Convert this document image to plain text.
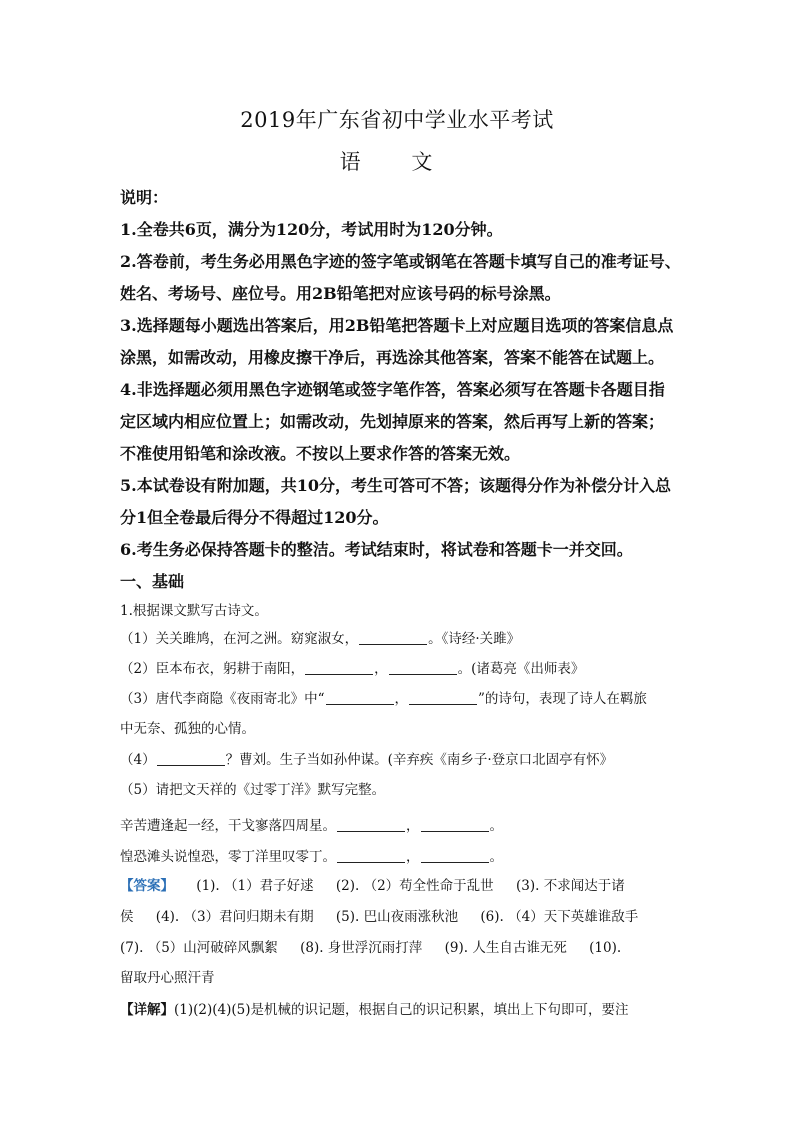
2019年广东省初中学业水平考试
语 文
说明：
1.全卷共6页，满分为120分，考试用时为120分钟。
2.答卷前，考生务必用黑色字迹的签字笔或钢笔在答题卡填写自己的准考证号、
姓名、考场号、座位号。用2B铅笔把对应该号码的标号涂黑。
3.选择题每小题选出答案后，用2B铅笔把答题卡上对应题目选项的答案信息点
涂黑，如需改动，用橡皮擦干净后，再选涂其他答案，答案不能答在试题上。
4.非选择题必须用黑色字迹钢笔或签字笔作答，答案必须写在答题卡各题目指
定区域内相应位置上；如需改动，先划掉原来的答案，然后再写上新的答案；
不准使用铅笔和涂改液。不按以上要求作答的答案无效。
5.本试卷设有附加题，共10分，考生可答可不答；该题得分作为补偿分计入总
分1但全卷最后得分不得超过120分。
6.考生务必保持答题卡的整洁。考试结束时，将试卷和答题卡一并交回。
一、基础
1.根据课文默写古诗文。
（1）关关雎鸠，在河之洲。窈窕淑女，	。《诗经·关雎》
（2）臣本布衣，躬耕于南阳，	，	。(诸葛亮《出师表》
（3）唐代李商隐《夜雨寄北》中“	，	”的诗句，表现了诗人在羁旅
中无奈、孤独的心情。
（4）	？曹刘。生子当如孙仲谋。(辛弃疾《南乡子·登京口北固亭有怀》
（5）请把文天祥的《过零丁洋》默写完整。
辛苦遭逢起一经，干戈寥落四周星。	，	。
惶恐滩头说惶恐，零丁洋里叹零丁。	，	。
【答案】 (1). （1）君子好逑 (2). （2）苟全性命于乱世 (3). 不求闻达于诸
侯 (4). （3）君问归期未有期 (5). 巴山夜雨涨秋池 (6). （4）天下英雄谁敌手
(7). （5）山河破碎风飘絮 (8). 身世浮沉雨打萍 (9). 人生自古谁无死 (10).
留取丹心照汗青
【详解】(1)(2)(4)(5)是机械的识记题，根据自己的识记积累，填出上下句即可，要注
